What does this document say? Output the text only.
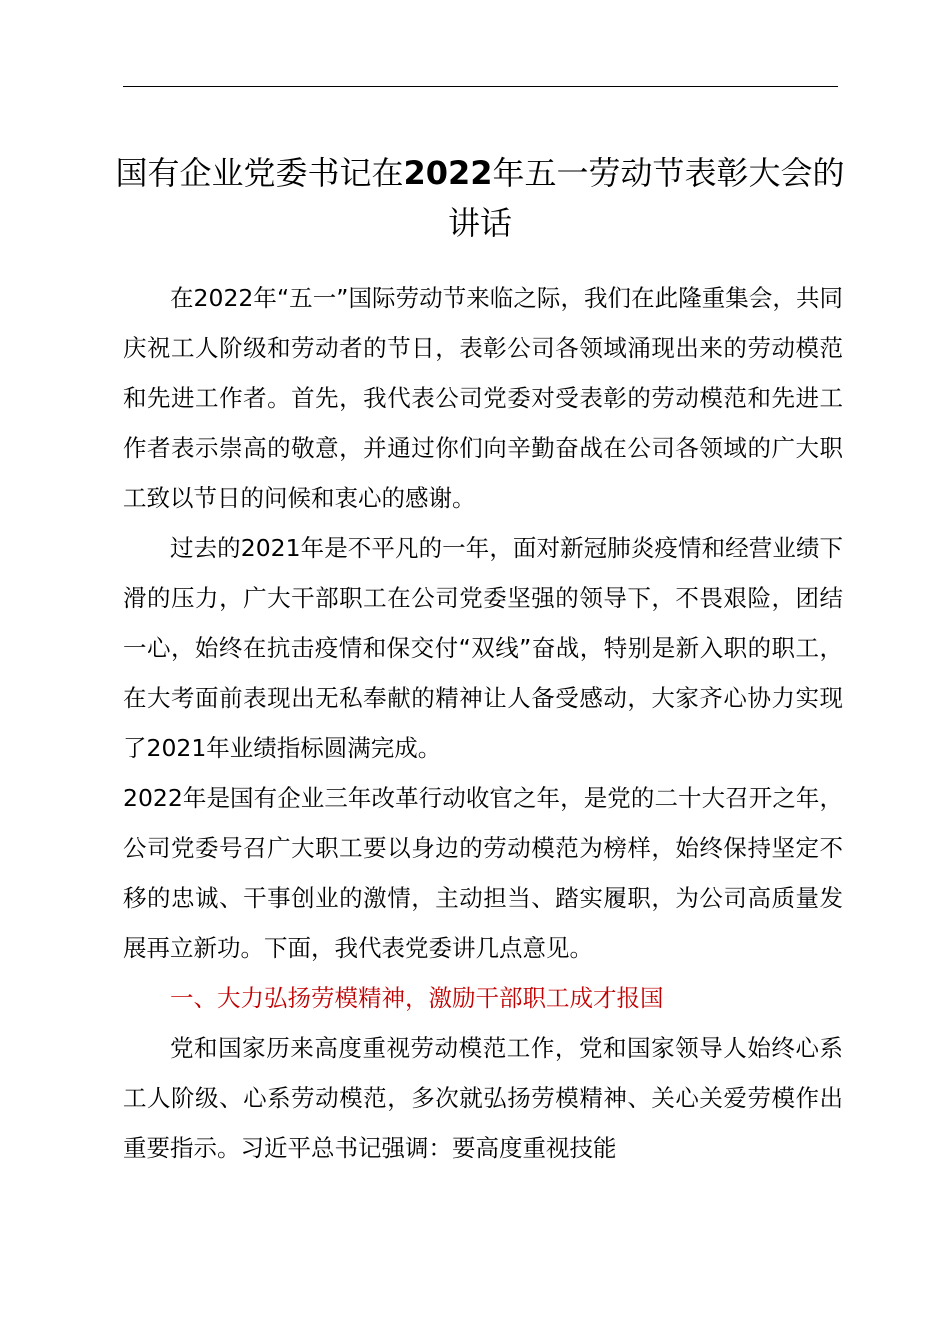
国有企业党委书记在2022年五一劳动节表彰大会的讲话

在2022年“五一”国际劳动节来临之际，我们在此隆重集会，共同庆祝工人阶级和劳动者的节日，表彰公司各领域涌现出来的劳动模范和先进工作者。首先，我代表公司党委对受表彰的劳动模范和先进工作者表示崇高的敬意，并通过你们向辛勤奋战在公司各领域的广大职工致以节日的问候和衷心的感谢。

过去的2021年是不平凡的一年，面对新冠肺炎疫情和经营业绩下滑的压力，广大干部职工在公司党委坚强的领导下，不畏艰险，团结一心，始终在抗击疫情和保交付“双线”奋战，特别是新入职的职工，在大考面前表现出无私奉献的精神让人备受感动，大家齐心协力实现了2021年业绩指标圆满完成。

2022年是国有企业三年改革行动收官之年，是党的二十大召开之年，公司党委号召广大职工要以身边的劳动模范为榜样，始终保持坚定不移的忠诚、干事创业的激情，主动担当、踏实履职，为公司高质量发展再立新功。下面，我代表党委讲几点意见。

一、大力弘扬劳模精神，激励干部职工成才报国

党和国家历来高度重视劳动模范工作，党和国家领导人始终心系工人阶级、心系劳动模范，多次就弘扬劳模精神、关心关爱劳模作出重要指示。习近平总书记强调：要高度重视技能
